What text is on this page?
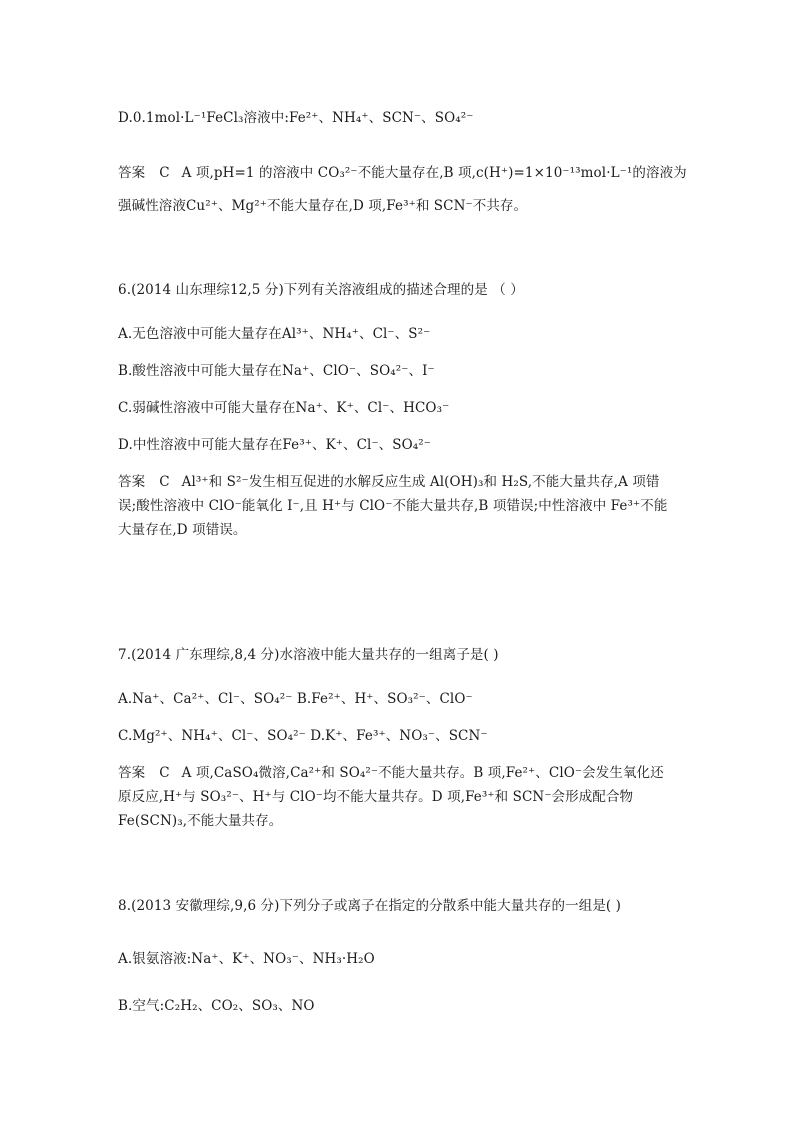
D.0.1mol·L⁻¹FeCl₃溶液中:Fe²⁺、NH₄⁺、SCN⁻、SO₄²⁻
答案 C A 项,pH=1 的溶液中 CO₃²⁻不能大量存在,B 项,c(H⁺)=1×10⁻¹³mol·L⁻¹的溶液为
强碱性溶液Cu²⁺、Mg²⁺不能大量存在,D 项,Fe³⁺和 SCN⁻不共存。
6.(2014 山东理综12,5 分)下列有关溶液组成的描述合理的是 （ ）
A.无色溶液中可能大量存在Al³⁺、NH₄⁺、Cl⁻、S²⁻
B.酸性溶液中可能大量存在Na⁺、ClO⁻、SO₄²⁻、I⁻
C.弱碱性溶液中可能大量存在Na⁺、K⁺、Cl⁻、HCO₃⁻
D.中性溶液中可能大量存在Fe³⁺、K⁺、Cl⁻、SO₄²⁻
答案 C Al³⁺和 S²⁻发生相互促进的水解反应生成 Al(OH)₃和 H₂S,不能大量共存,A 项错
误;酸性溶液中 ClO⁻能氧化 I⁻,且 H⁺与 ClO⁻不能大量共存,B 项错误;中性溶液中 Fe³⁺不能
大量存在,D 项错误。
7.(2014 广东理综,8,4 分)水溶液中能大量共存的一组离子是( )
A.Na⁺、Ca²⁺、Cl⁻、SO₄²⁻ B.Fe²⁺、H⁺、SO₃²⁻、ClO⁻
C.Mg²⁺、NH₄⁺、Cl⁻、SO₄²⁻ D.K⁺、Fe³⁺、NO₃⁻、SCN⁻
答案 C A 项,CaSO₄微溶,Ca²⁺和 SO₄²⁻不能大量共存。B 项,Fe²⁺、ClO⁻会发生氧化还
原反应,H⁺与 SO₃²⁻、H⁺与 ClO⁻均不能大量共存。D 项,Fe³⁺和 SCN⁻会形成配合物
Fe(SCN)₃,不能大量共存。
8.(2013 安徽理综,9,6 分)下列分子或离子在指定的分散系中能大量共存的一组是( )
A.银氨溶液:Na⁺、K⁺、NO₃⁻、NH₃·H₂O
B.空气:C₂H₂、CO₂、SO₃、NO
